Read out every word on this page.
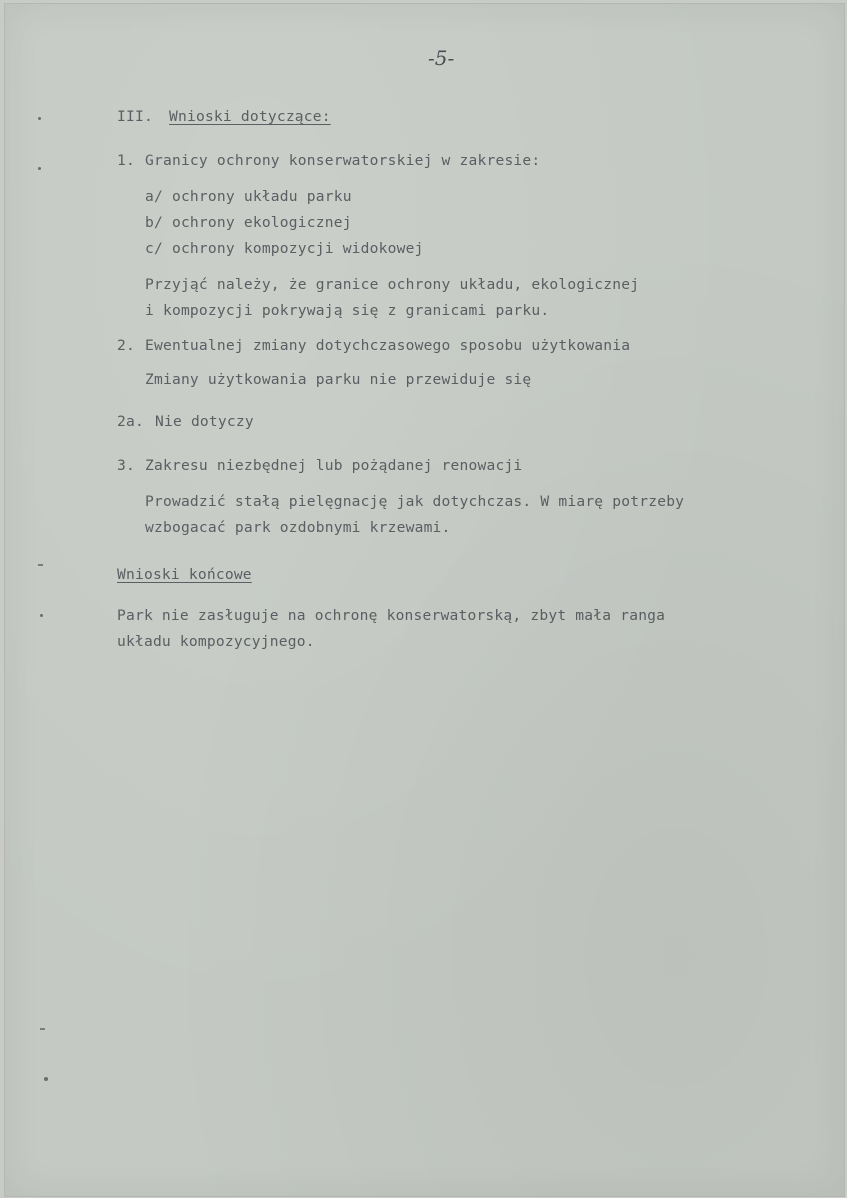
-5-
III. Wnioski dotyczące:
1. Granicy ochrony konserwatorskiej w zakresie:
a/ ochrony układu parku
b/ ochrony ekologicznej
c/ ochrony kompozycji widokowej
Przyjąć należy, że granice ochrony układu, ekologicznej
i kompozycji pokrywają się z granicami parku.
2. Ewentualnej zmiany dotychczasowego sposobu użytkowania
Zmiany użytkowania parku nie przewiduje się
2a. Nie dotyczy
3. Zakresu niezbędnej lub pożądanej renowacji
Prowadzić stałą pielęgnację jak dotychczas. W miarę potrzeby
wzbogacać park ozdobnymi krzewami.
Wnioski końcowe
Park nie zasługuje na ochronę konserwatorską, zbyt mała ranga
układu kompozycyjnego.
